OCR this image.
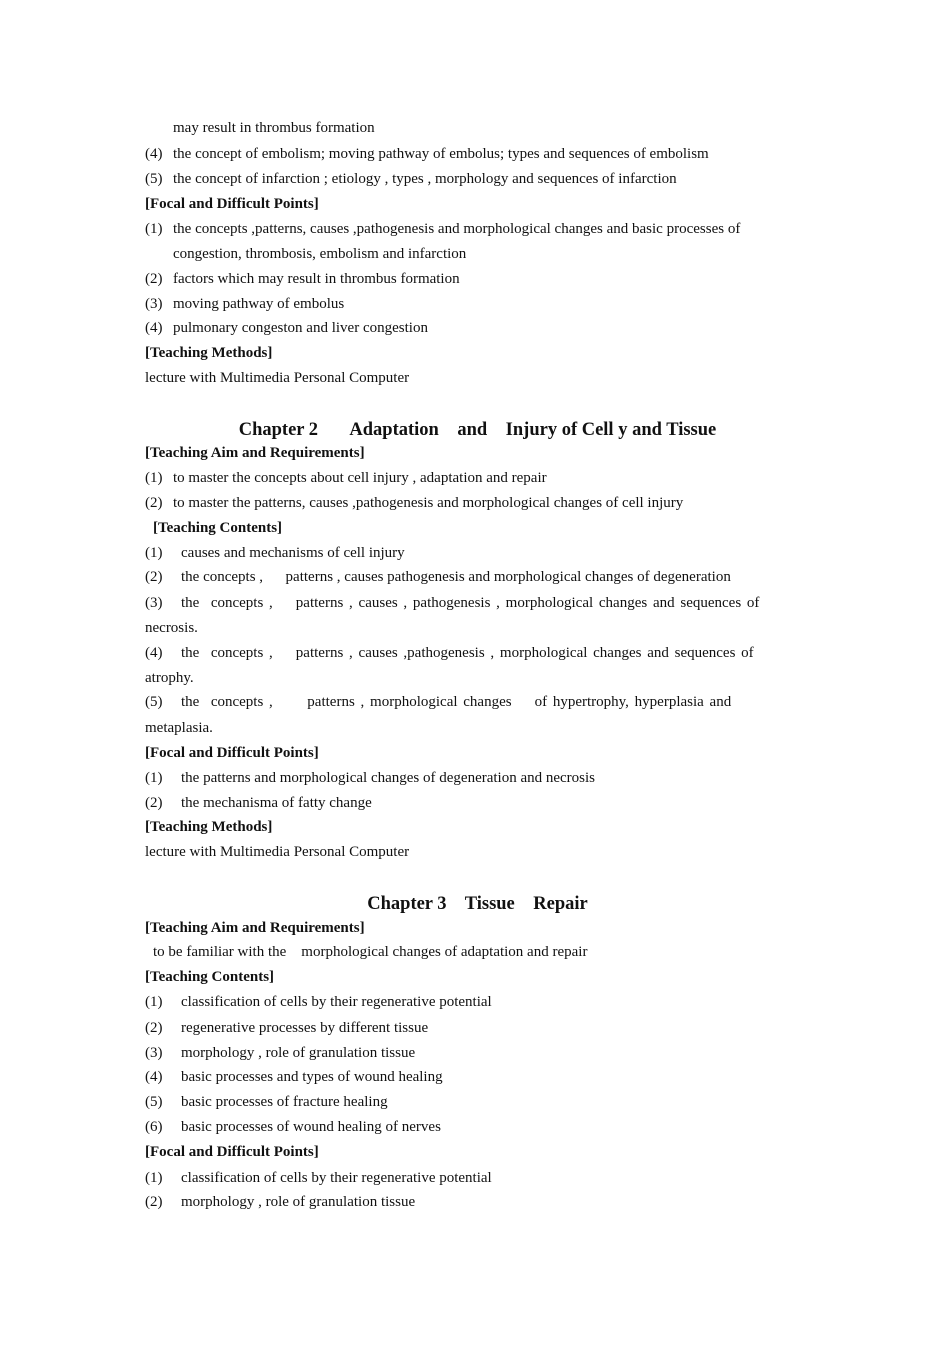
may result in thrombus formation
(4) the concept of embolism; moving pathway of embolus; types and sequences of embolism
(5) the concept of infarction ; etiology , types , morphology and sequences of infarction
[Focal and Difficult Points]
(1) the concepts ,patterns, causes ,pathogenesis and morphological changes and basic processes of
congestion, thrombosis, embolism and infarction
(2) factors which may result in thrombus formation
(3) moving pathway of embolus
(4) pulmonary congeston and liver congestion
[Teaching Methods]
lecture with Multimedia Personal Computer
Chapter 2       Adaptation    and    Injury of Cell y and Tissue
[Teaching Aim and Requirements]
(1) to master the concepts about cell injury , adaptation and repair
(2) to master the patterns, causes ,pathogenesis and morphological changes of cell injury
[Teaching Contents]
(1) causes and mechanisms of cell injury
(2) the concepts ,      patterns , causes pathogenesis and morphological changes of degeneration
(3) the  concepts ,    patterns , causes , pathogenesis , morphological changes and sequences of
necrosis.
(4) the  concepts ,    patterns , causes ,pathogenesis , morphological changes and sequences of
atrophy.
(5) the  concepts ,      patterns , morphological changes    of hypertrophy, hyperplasia and
metaplasia.
[Focal and Difficult Points]
(1) the patterns and morphological changes of degeneration and necrosis
(2) the mechanisma of fatty change
[Teaching Methods]
lecture with Multimedia Personal Computer
Chapter 3    Tissue    Repair
[Teaching Aim and Requirements]
to be familiar with the    morphological changes of adaptation and repair
[Teaching Contents]
(1) classification of cells by their regenerative potential
(2) regenerative processes by different tissue
(3) morphology , role of granulation tissue
(4) basic processes and types of wound healing
(5) basic processes of fracture healing
(6) basic processes of wound healing of nerves
[Focal and Difficult Points]
(1) classification of cells by their regenerative potential
(2) morphology , role of granulation tissue
